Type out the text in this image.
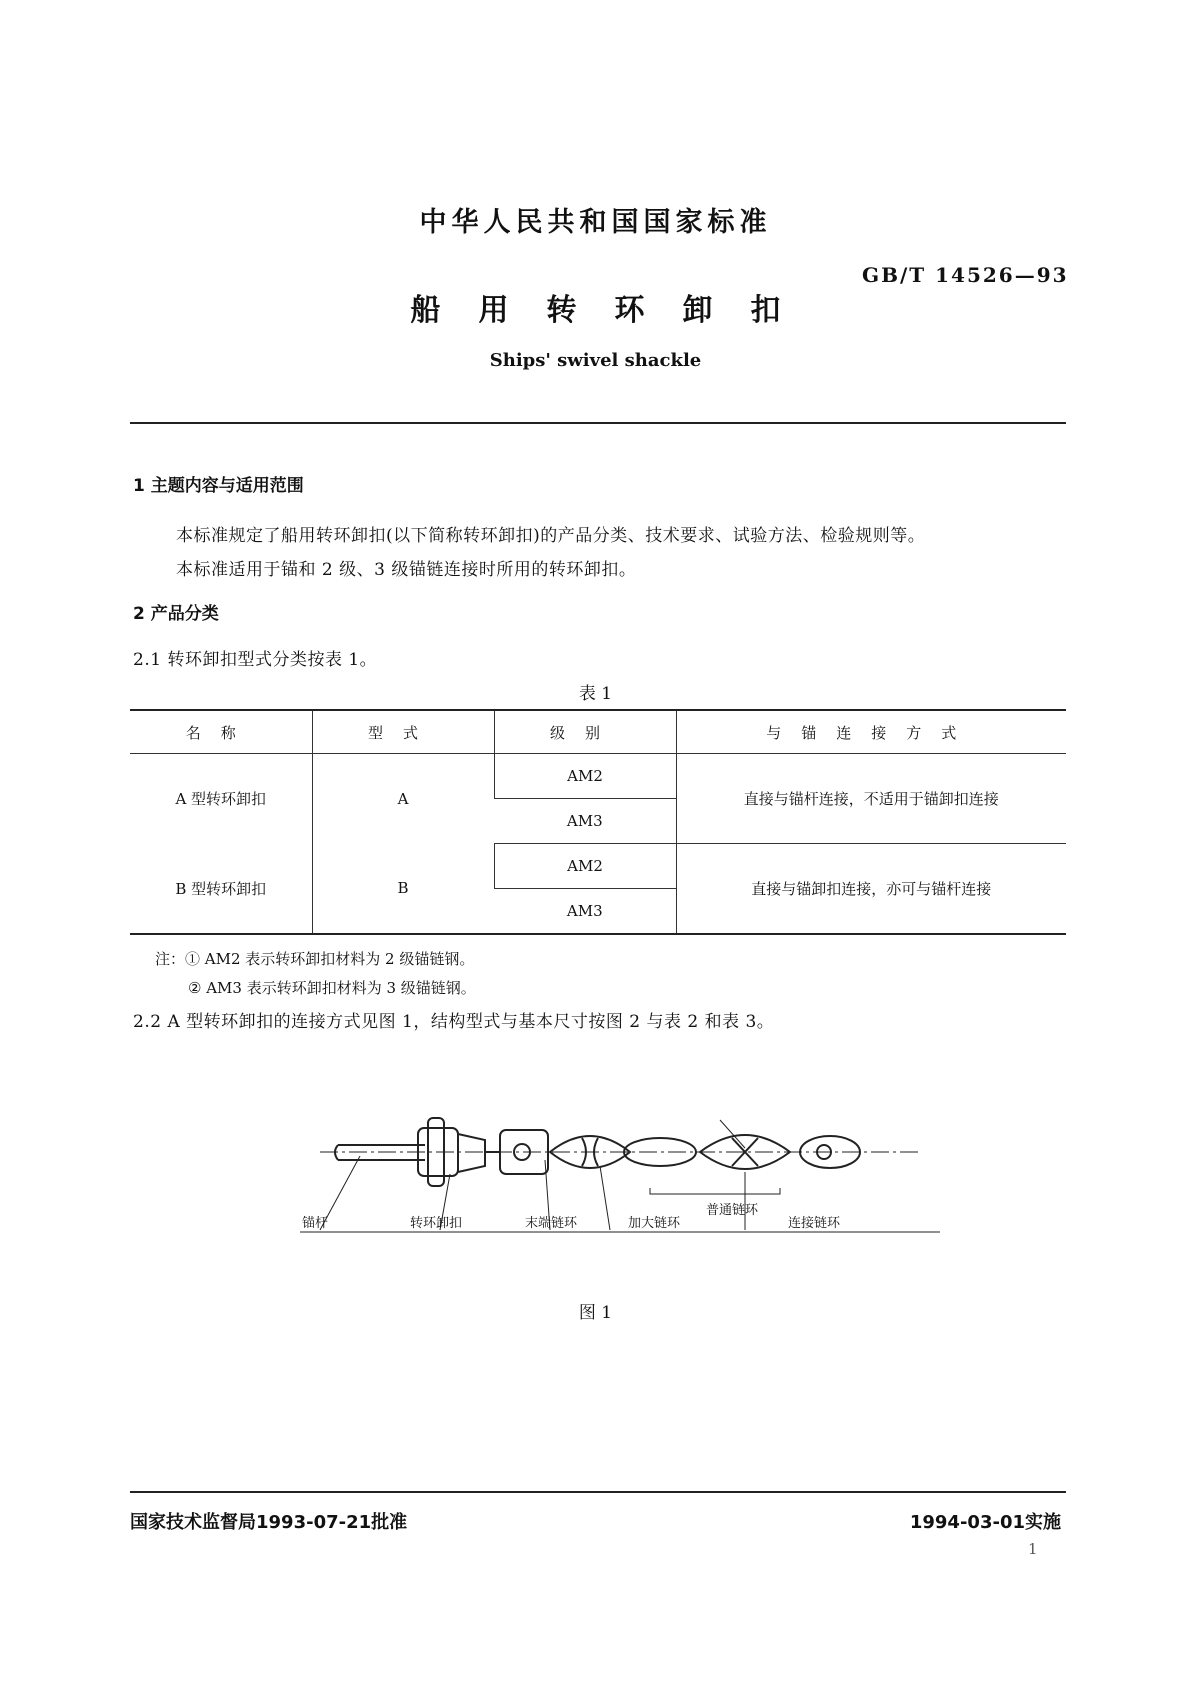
中华人民共和国国家标准
GB/T 14526—93
船用转环卸扣
Ships' swivel shackle
1 主题内容与适用范围
本标准规定了船用转环卸扣(以下简称转环卸扣)的产品分类、技术要求、试验方法、检验规则等。
本标准适用于锚和 2 级、3 级锚链连接时所用的转环卸扣。
2 产品分类
2.1 转环卸扣型式分类按表 1。
表 1
名称	型式	级别	与锚连接方式
A 型转环卸扣	A	AM2	直接与锚杆连接，不适用于锚卸扣连接
		AM3	
B 型转环卸扣	B	AM2	直接与锚卸扣连接，亦可与锚杆连接
		AM3	
注：① AM2 表示转环卸扣材料为 2 级锚链钢。
② AM3 表示转环卸扣材料为 3 级锚链钢。
2.2 A 型转环卸扣的连接方式见图 1，结构型式与基本尺寸按图 2 与表 2 和表 3。
锚杆	转环卸扣	末端链环	加大链环
普通链环
连接链环
图 1
国家技术监督局1993-07-21批准	1994-03-01实施
1
